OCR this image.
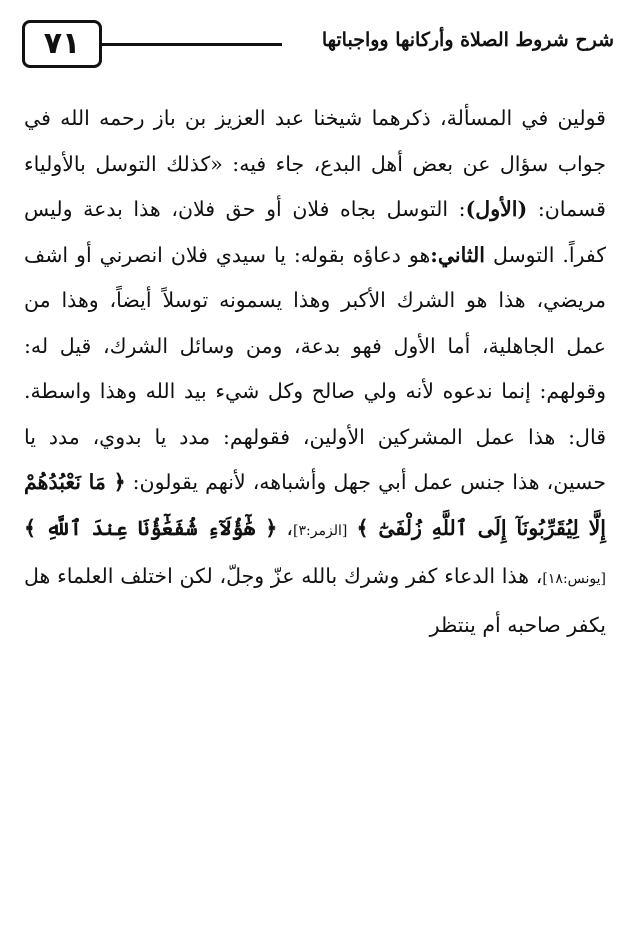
٧١	شرح شروط الصلاة وأركانها وواجباتها

قولين في المسألة، ذكرهما شيخنا عبد العزيز بن باز رحمه الله في جواب سؤال عن بعض أهل البدع، جاء فيه: «كذلك التوسل بالأولياء قسمان: (الأول): التوسل بجاه فلان أو حق فلان، هذا بدعة وليس كفراً. التوسل الثاني:هو دعاؤه بقوله: يا سيدي فلان انصرني أو اشف مريضي، هذا هو الشرك الأكبر وهذا يسمونه توسلاً أيضاً، وهذا من عمل الجاهلية، أما الأول فهو بدعة، ومن وسائل الشرك، قيل له: وقولهم: إنما ندعوه لأنه ولي صالح وكل شيء بيد الله وهذا واسطة. قال: هذا عمل المشركين الأولين، فقولهم: مدد يا بدوي، مدد يا حسين، هذا جنس عمل أبي جهل وأشباهه، لأنهم يقولون: ﴿ مَا نَعْبُدُهُمْ إِلَّا لِيُقَرِّبُونَآ إِلَى ٱللَّهِ زُلْفَىٰٓ ﴾ [الزمر:٣]، ﴿ هَٰٓؤُلَآءِ شُفَعَٰٓؤُنَا عِندَ ٱللَّهِ ﴾ [يونس:١٨]، هذا الدعاء كفر وشرك بالله عزّ وجلّ، لكن اختلف العلماء هل يكفر صاحبه أم ينتظر
